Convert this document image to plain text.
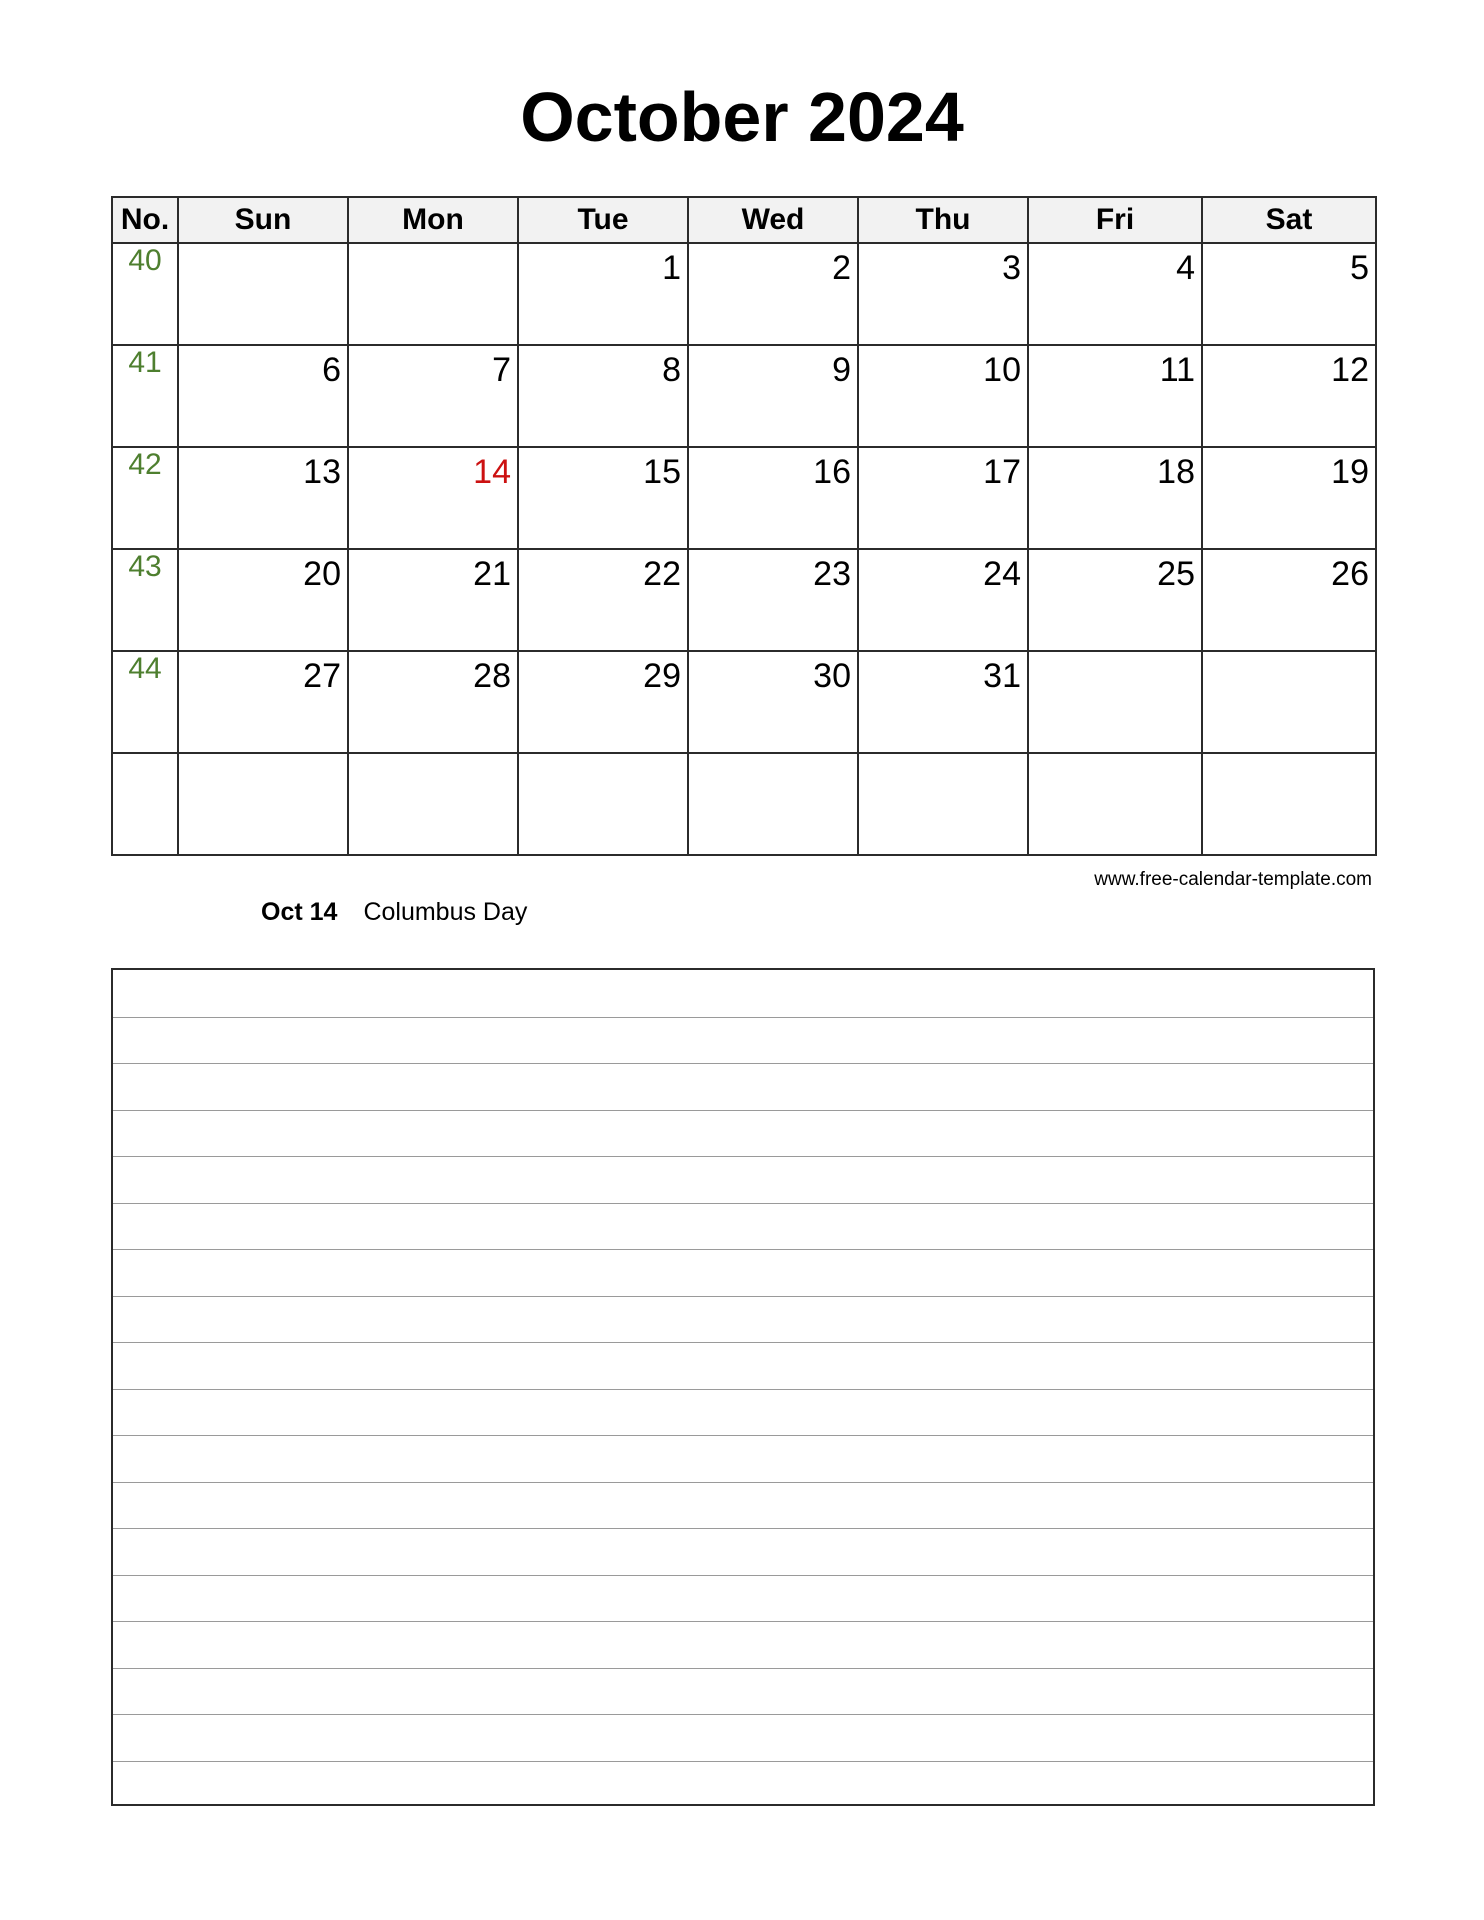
October 2024
No.	Sun	Mon	Tue	Wed	Thu	Fri	Sat
40			1	2	3	4	5

41	6	7	8	9	10	11	12

42	13	14	15	16	17	18	19

43	20	21	22	23	24	25	26

44	27	28	29	30	31		

www.free-calendar-template.com
Oct 14 Columbus Day
